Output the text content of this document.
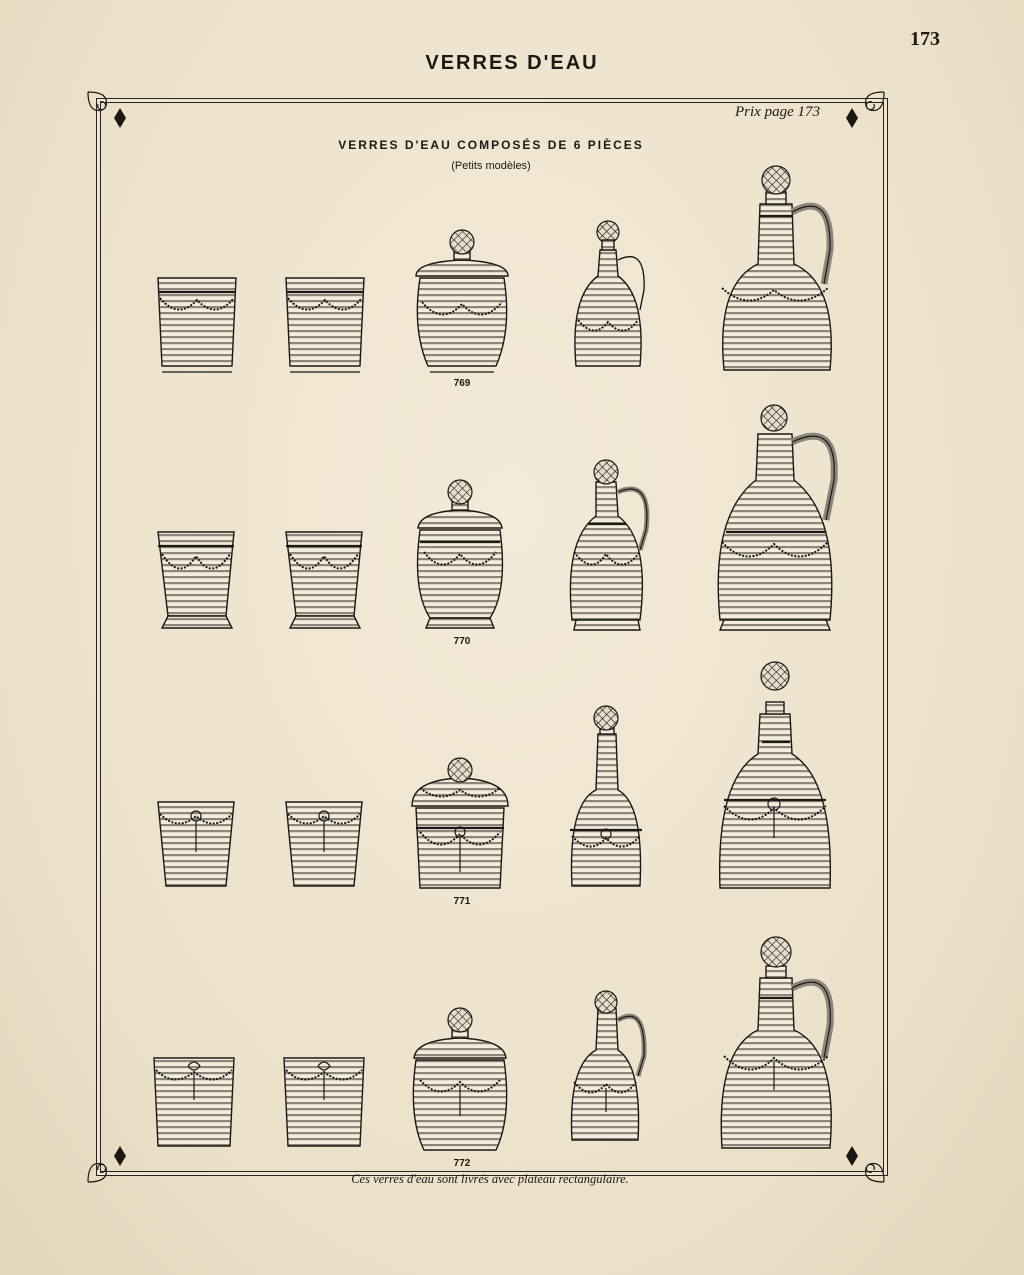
173
VERRES D'EAU
Prix page 173
VERRES D'EAU COMPOSÉS DE 6 PIÈCES
(Petits modèles)
769
770
771
772
Ces verres d'eau sont livrés avec plateau rectangulaire.
